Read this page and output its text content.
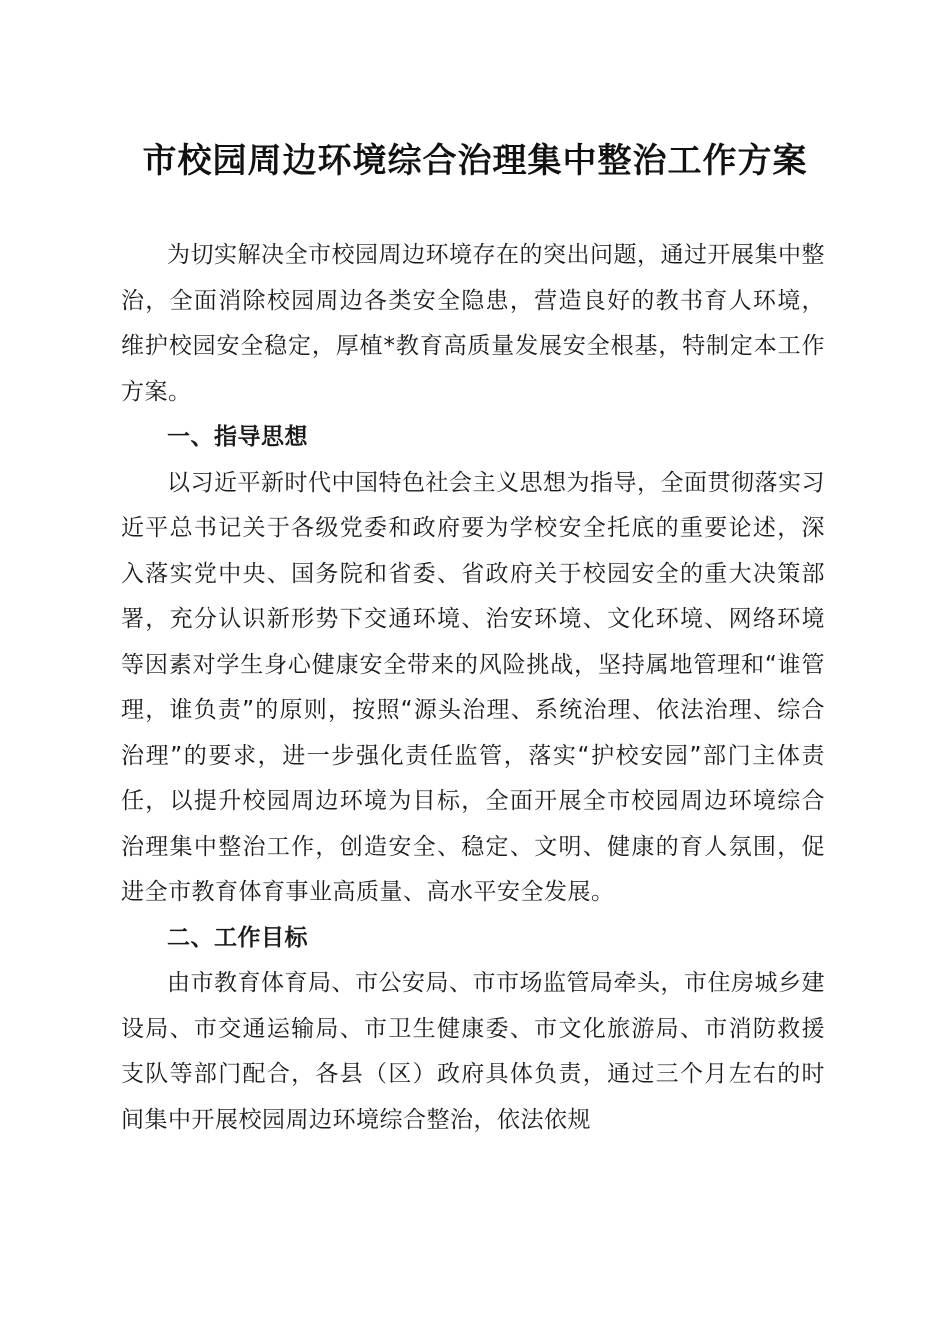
市校园周边环境综合治理集中整治工作方案

为切实解决全市校园周边环境存在的突出问题，通过开展集中整治，全面消除校园周边各类安全隐患，营造良好的教书育人环境，维护校园安全稳定，厚植*教育高质量发展安全根基，特制定本工作方案。

一、指导思想

以习近平新时代中国特色社会主义思想为指导，全面贯彻落实习近平总书记关于各级党委和政府要为学校安全托底的重要论述，深入落实党中央、国务院和省委、省政府关于校园安全的重大决策部署，充分认识新形势下交通环境、治安环境、文化环境、网络环境等因素对学生身心健康安全带来的风险挑战，坚持属地管理和“谁管理，谁负责”的原则，按照“源头治理、系统治理、依法治理、综合治理”的要求，进一步强化责任监管，落实“护校安园”部门主体责任，以提升校园周边环境为目标，全面开展全市校园周边环境综合治理集中整治工作，创造安全、稳定、文明、健康的育人氛围，促进全市教育体育事业高质量、高水平安全发展。

二、工作目标

由市教育体育局、市公安局、市市场监管局牵头，市住房城乡建设局、市交通运输局、市卫生健康委、市文化旅游局、市消防救援支队等部门配合，各县（区）政府具体负责，通过三个月左右的时间集中开展校园周边环境综合整治，依法依规
